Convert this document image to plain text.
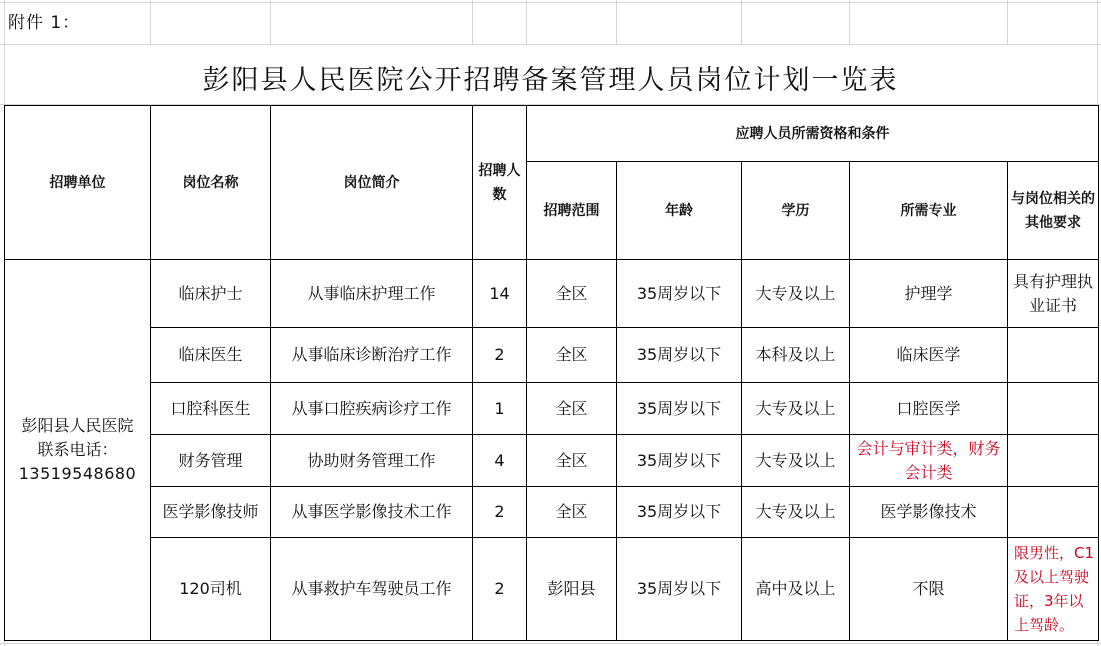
附件 1：
彭阳县人民医院公开招聘备案管理人员岗位计划一览表
招聘单位	岗位名称	岗位简介	招聘人数	应聘人员所需资格和条件				
				招聘范围	年龄	学历	所需专业	与岗位相关的其他要求

彭阳县人民医院
联系电话：
13519548680	临床护士	从事临床护理工作	14	全区	35周岁以下	大专及以上	护理学	具有护理执业证书
	临床医生	从事临床诊断治疗工作	2	全区	35周岁以下	本科及以上	临床医学	
	口腔科医生	从事口腔疾病诊疗工作	1	全区	35周岁以下	大专及以上	口腔医学	
	财务管理	协助财务管理工作	4	全区	35周岁以下	大专及以上	会计与审计类，财务会计类	
	医学影像技师	从事医学影像技术工作	2	全区	35周岁以下	大专及以上	医学影像技术	
	120司机	从事救护车驾驶员工作	2	彭阳县	35周岁以下	高中及以上	不限	限男性，C1及以上驾驶证，3年以上驾龄。
